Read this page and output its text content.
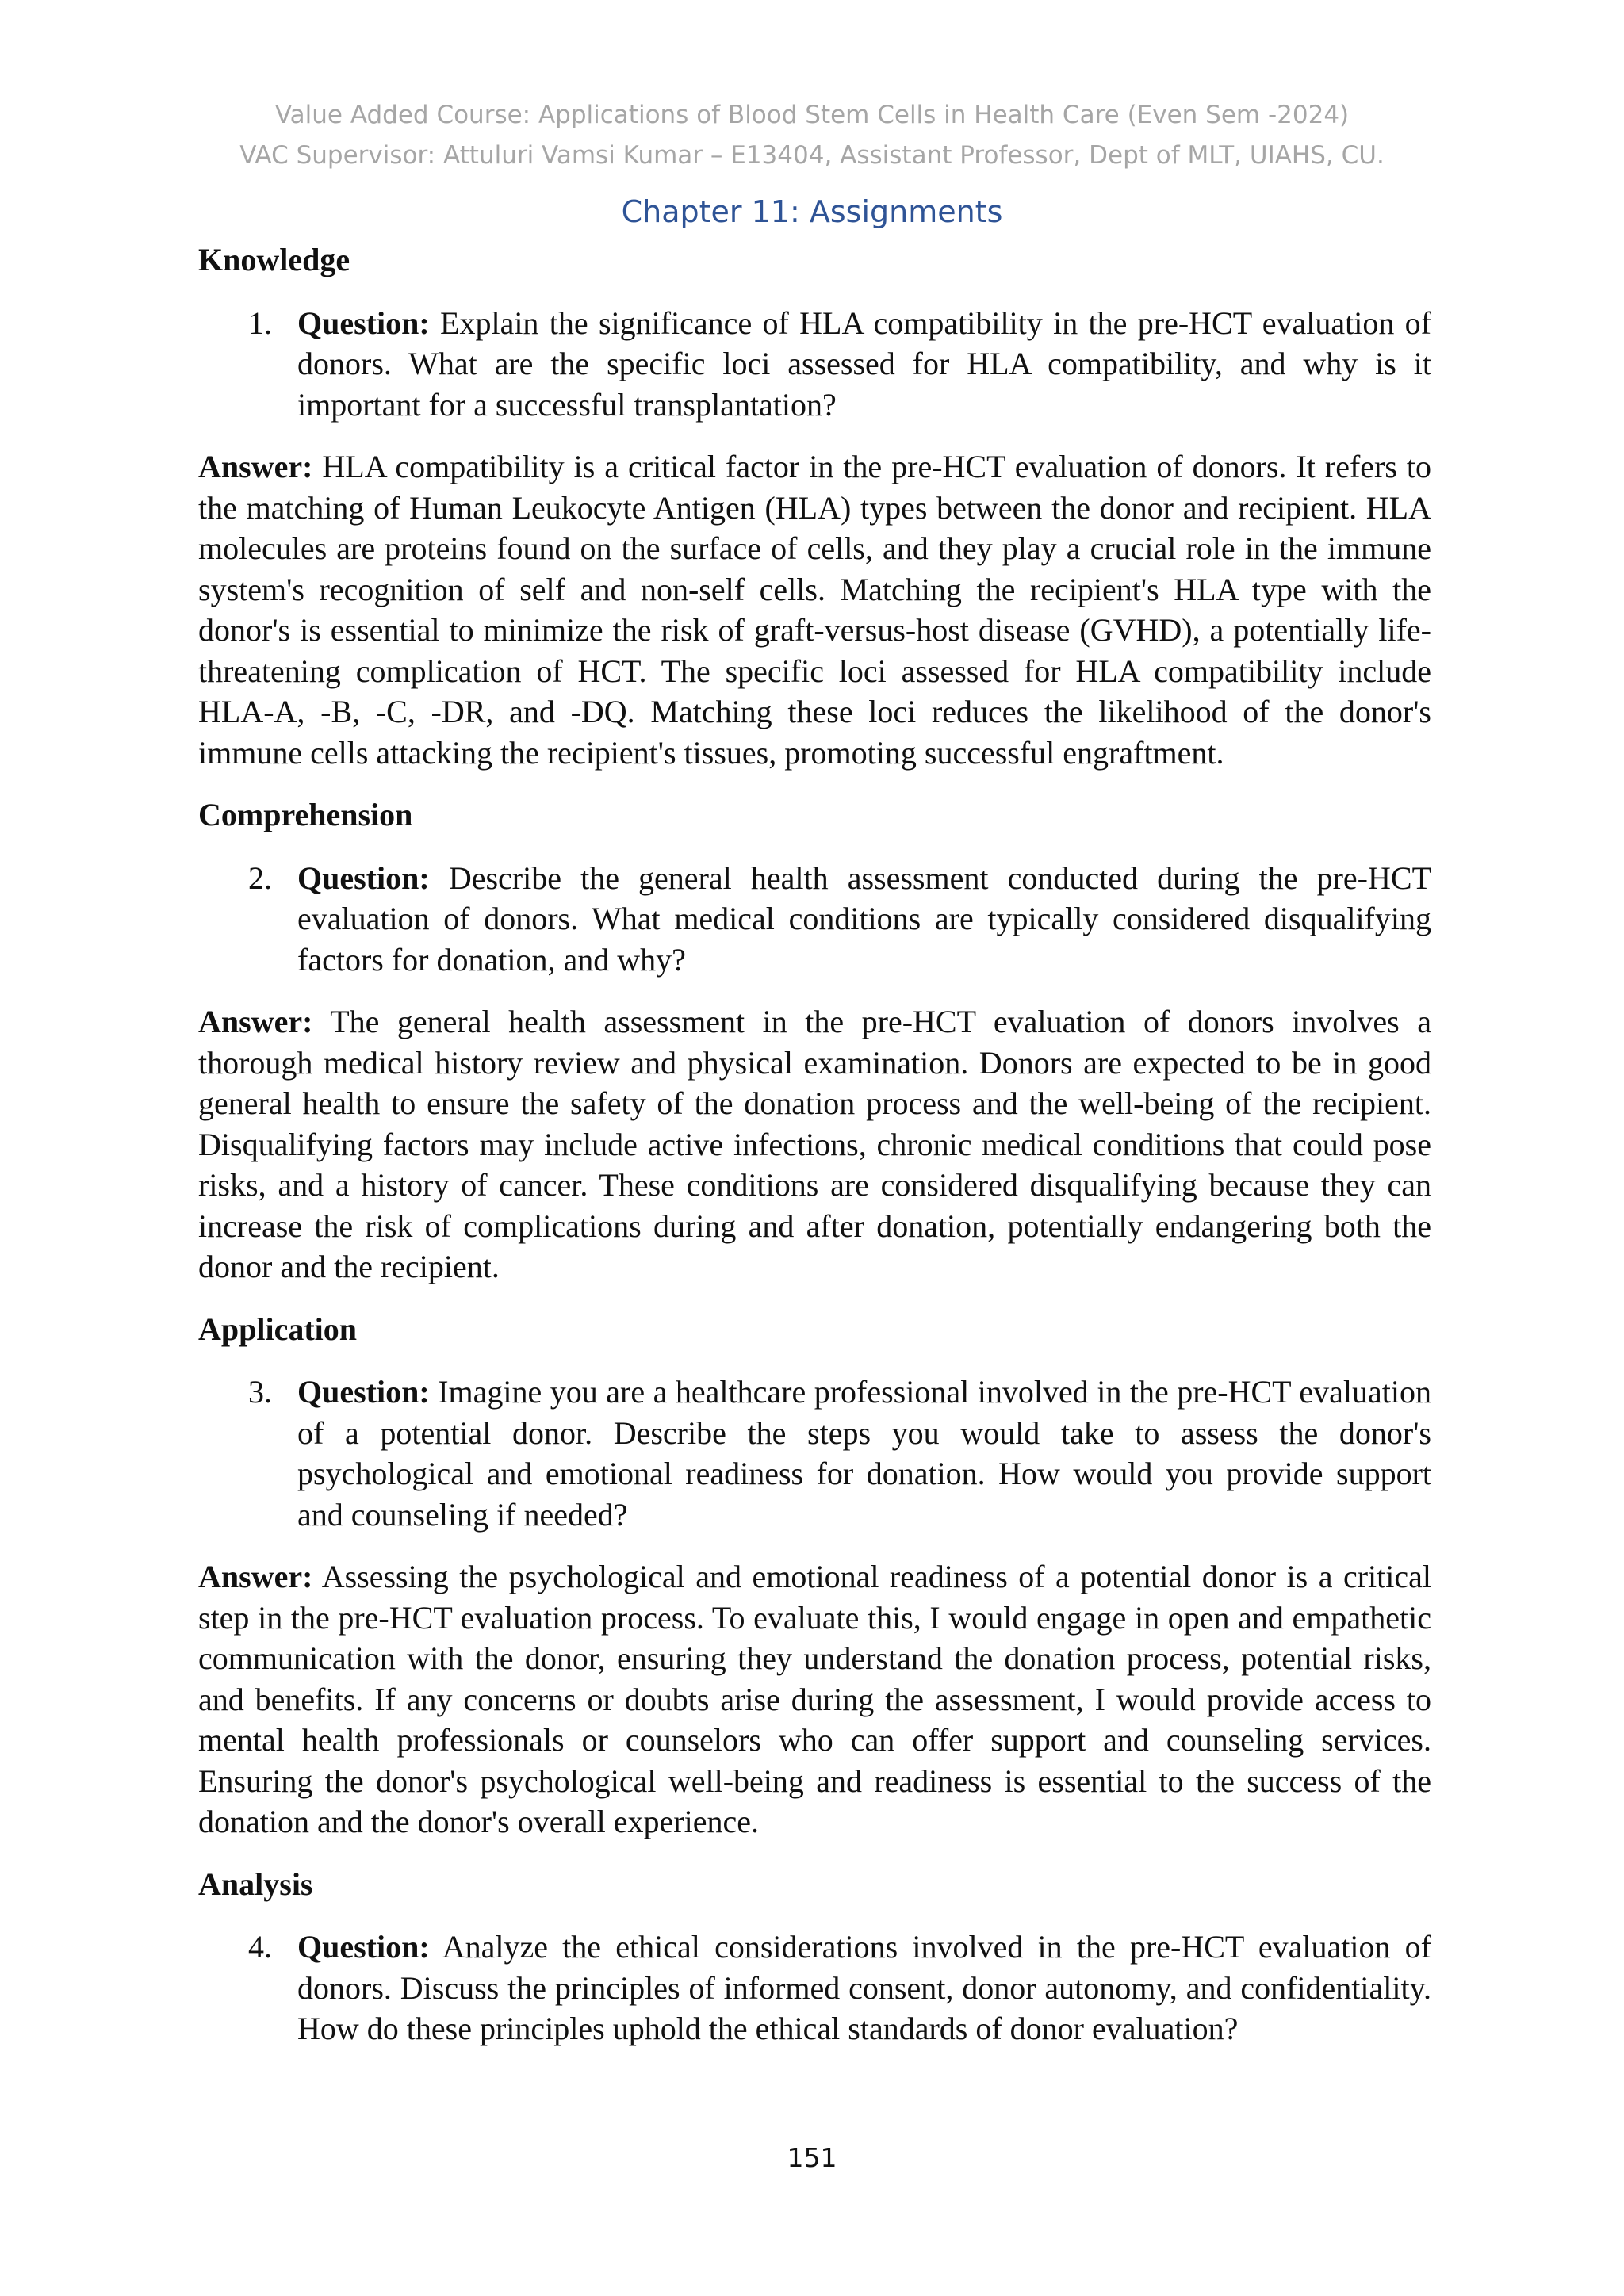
Value Added Course: Applications of Blood Stem Cells in Health Care (Even Sem -2024)
VAC Supervisor: Attuluri Vamsi Kumar – E13404, Assistant Professor, Dept of MLT, UIAHS, CU.
Chapter 11: Assignments

Knowledge

1. Question: Explain the significance of HLA compatibility in the pre-HCT evaluation of donors. What are the specific loci assessed for HLA compatibility, and why is it important for a successful transplantation?

Answer: HLA compatibility is a critical factor in the pre-HCT evaluation of donors. It refers to the matching of Human Leukocyte Antigen (HLA) types between the donor and recipient. HLA molecules are proteins found on the surface of cells, and they play a crucial role in the immune system's recognition of self and non-self cells. Matching the recipient's HLA type with the donor's is essential to minimize the risk of graft-versus-host disease (GVHD), a potentially life-threatening complication of HCT. The specific loci assessed for HLA compatibility include HLA-A, -B, -C, -DR, and -DQ. Matching these loci reduces the likelihood of the donor's immune cells attacking the recipient's tissues, promoting successful engraftment.

Comprehension

2. Question: Describe the general health assessment conducted during the pre-HCT evaluation of donors. What medical conditions are typically considered disqualifying factors for donation, and why?

Answer: The general health assessment in the pre-HCT evaluation of donors involves a thorough medical history review and physical examination. Donors are expected to be in good general health to ensure the safety of the donation process and the well-being of the recipient. Disqualifying factors may include active infections, chronic medical conditions that could pose risks, and a history of cancer. These conditions are considered disqualifying because they can increase the risk of complications during and after donation, potentially endangering both the donor and the recipient.

Application

3. Question: Imagine you are a healthcare professional involved in the pre-HCT evaluation of a potential donor. Describe the steps you would take to assess the donor's psychological and emotional readiness for donation. How would you provide support and counseling if needed?

Answer: Assessing the psychological and emotional readiness of a potential donor is a critical step in the pre-HCT evaluation process. To evaluate this, I would engage in open and empathetic communication with the donor, ensuring they understand the donation process, potential risks, and benefits. If any concerns or doubts arise during the assessment, I would provide access to mental health professionals or counselors who can offer support and counseling services. Ensuring the donor's psychological well-being and readiness is essential to the success of the donation and the donor's overall experience.

Analysis

4. Question: Analyze the ethical considerations involved in the pre-HCT evaluation of donors. Discuss the principles of informed consent, donor autonomy, and confidentiality. How do these principles uphold the ethical standards of donor evaluation?
151
